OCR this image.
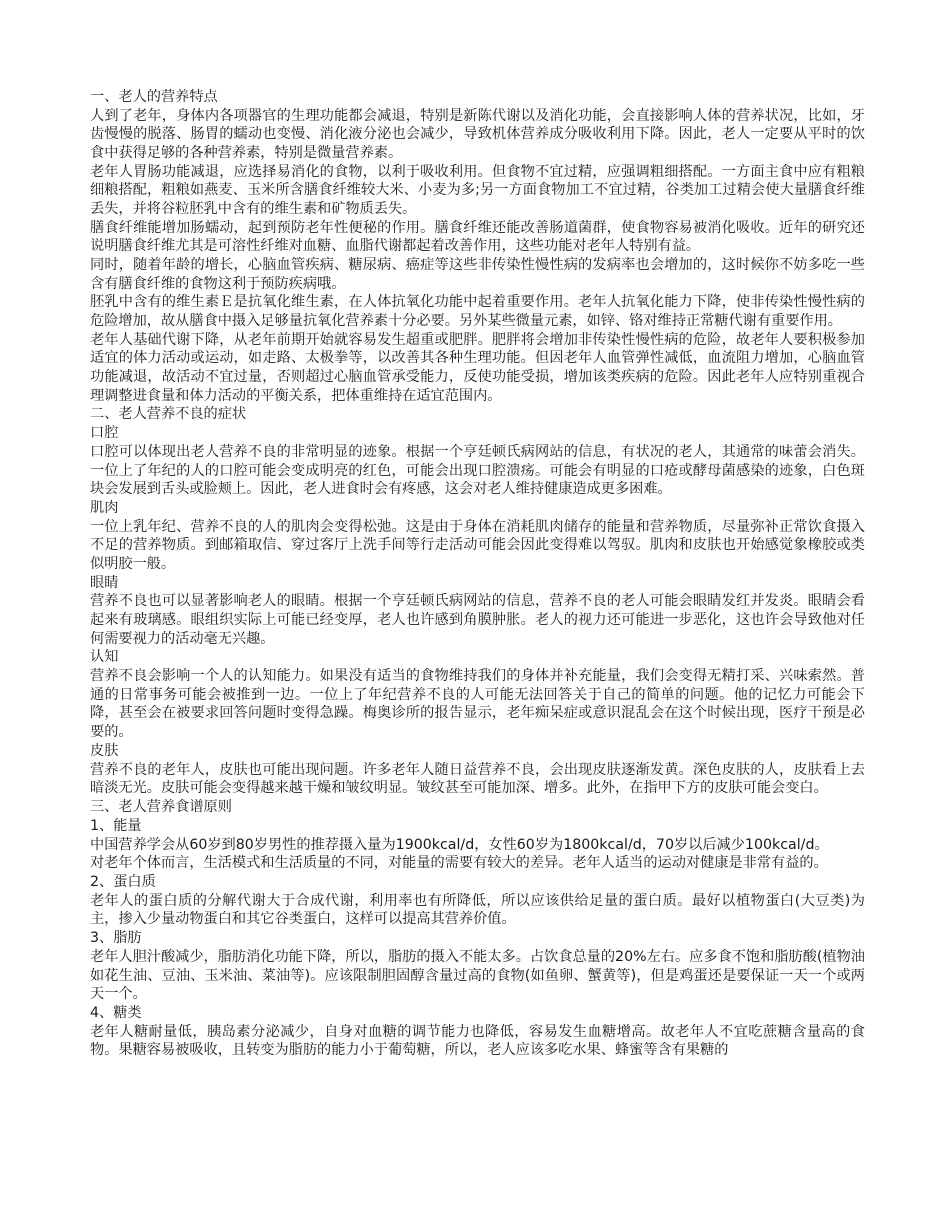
一、老人的营养特点

人到了老年，身体内各项器官的生理功能都会减退，特别是新陈代谢以及消化功能，会直接影响人体的营养状况，比如，牙齿慢慢的脱落、肠胃的蠕动也变慢、消化液分泌也会减少，导致机体营养成分吸收利用下降。因此，老人一定要从平时的饮食中获得足够的各种营养素，特别是微量营养素。

老年人胃肠功能减退，应选择易消化的食物，以利于吸收利用。但食物不宜过精，应强调粗细搭配。一方面主食中应有粗粮细粮搭配，粗粮如燕麦、玉米所含膳食纤维较大米、小麦为多;另一方面食物加工不宜过精，谷类加工过精会使大量膳食纤维丢失，并将谷粒胚乳中含有的维生素和矿物质丢失。

膳食纤维能增加肠蠕动，起到预防老年性便秘的作用。膳食纤维还能改善肠道菌群，使食物容易被消化吸收。近年的研究还说明膳食纤维尤其是可溶性纤维对血糖、血脂代谢都起着改善作用，这些功能对老年人特别有益。

同时，随着年龄的增长，心脑血管疾病、糖尿病、癌症等这些非传染性慢性病的发病率也会增加的，这时候你不妨多吃一些含有膳食纤维的食物这利于预防疾病哦。

胚乳中含有的维生素Ｅ是抗氧化维生素，在人体抗氧化功能中起着重要作用。老年人抗氧化能力下降，使非传染性慢性病的危险增加，故从膳食中摄入足够量抗氧化营养素十分必要。另外某些微量元素，如锌、铬对维持正常糖代谢有重要作用。

老年人基础代谢下降，从老年前期开始就容易发生超重或肥胖。肥胖将会增加非传染性慢性病的危险，故老年人要积极参加适宜的体力活动或运动，如走路、太极拳等，以改善其各种生理功能。但因老年人血管弹性减低，血流阻力增加，心脑血管功能减退，故活动不宜过量，否则超过心脑血管承受能力，反使功能受损，增加该类疾病的危险。因此老年人应特别重视合理调整进食量和体力活动的平衡关系，把体重维持在适宜范围内。

二、老人营养不良的症状

口腔

口腔可以体现出老人营养不良的非常明显的迹象。根据一个亨廷顿氏病网站的信息，有状况的老人，其通常的味蕾会消失。一位上了年纪的人的口腔可能会变成明亮的红色，可能会出现口腔溃疡。可能会有明显的口疮或酵母菌感染的迹象，白色斑块会发展到舌头或脸颊上。因此，老人进食时会有疼感，这会对老人维持健康造成更多困难。

肌肉

一位上乳年纪、营养不良的人的肌肉会变得松弛。这是由于身体在消耗肌肉储存的能量和营养物质，尽量弥补正常饮食摄入不足的营养物质。到邮箱取信、穿过客厅上洗手间等行走活动可能会因此变得难以驾驭。肌肉和皮肤也开始感觉象橡胶或类似明胶一般。

眼睛

营养不良也可以显著影响老人的眼睛。根据一个亨廷顿氏病网站的信息，营养不良的老人可能会眼睛发红并发炎。眼睛会看起来有玻璃感。眼组织实际上可能已经变厚，老人也许感到角膜肿胀。老人的视力还可能进一步恶化，这也许会导致他对任何需要视力的活动毫无兴趣。

认知

营养不良会影响一个人的认知能力。如果没有适当的食物维持我们的身体并补充能量，我们会变得无精打采、兴味索然。普通的日常事务可能会被推到一边。一位上了年纪营养不良的人可能无法回答关于自己的简单的问题。他的记忆力可能会下降，甚至会在被要求回答问题时变得急躁。梅奥诊所的报告显示，老年痴呆症或意识混乱会在这个时候出现，医疗干预是必要的。

皮肤

营养不良的老年人，皮肤也可能出现问题。许多老年人随日益营养不良，会出现皮肤逐渐发黄。深色皮肤的人，皮肤看上去暗淡无光。皮肤可能会变得越来越干燥和皱纹明显。皱纹甚至可能加深、增多。此外，在指甲下方的皮肤可能会变白。

三、老人营养食谱原则

1、能量

中国营养学会从60岁到80岁男性的推荐摄入量为1900kcal/d，女性60岁为1800kcal/d，70岁以后减少100kcal/d。

对老年个体而言，生活模式和生活质量的不同，对能量的需要有较大的差异。老年人适当的运动对健康是非常有益的。

2、蛋白质

老年人的蛋白质的分解代谢大于合成代谢，利用率也有所降低，所以应该供给足量的蛋白质。最好以植物蛋白(大豆类)为主，掺入少量动物蛋白和其它谷类蛋白，这样可以提高其营养价值。

3、脂肪

老年人胆汁酸减少，脂肪消化功能下降，所以，脂肪的摄入不能太多。占饮食总量的20%左右。应多食不饱和脂肪酸(植物油如花生油、豆油、玉米油、菜油等)。应该限制胆固醇含量过高的食物(如鱼卵、蟹黄等)，但是鸡蛋还是要保证一天一个或两天一个。

4、糖类

老年人糖耐量低，胰岛素分泌减少，自身对血糖的调节能力也降低，容易发生血糖增高。故老年人不宜吃蔗糖含量高的食物。果糖容易被吸收，且转变为脂肪的能力小于葡萄糖，所以，老人应该多吃水果、蜂蜜等含有果糖的
